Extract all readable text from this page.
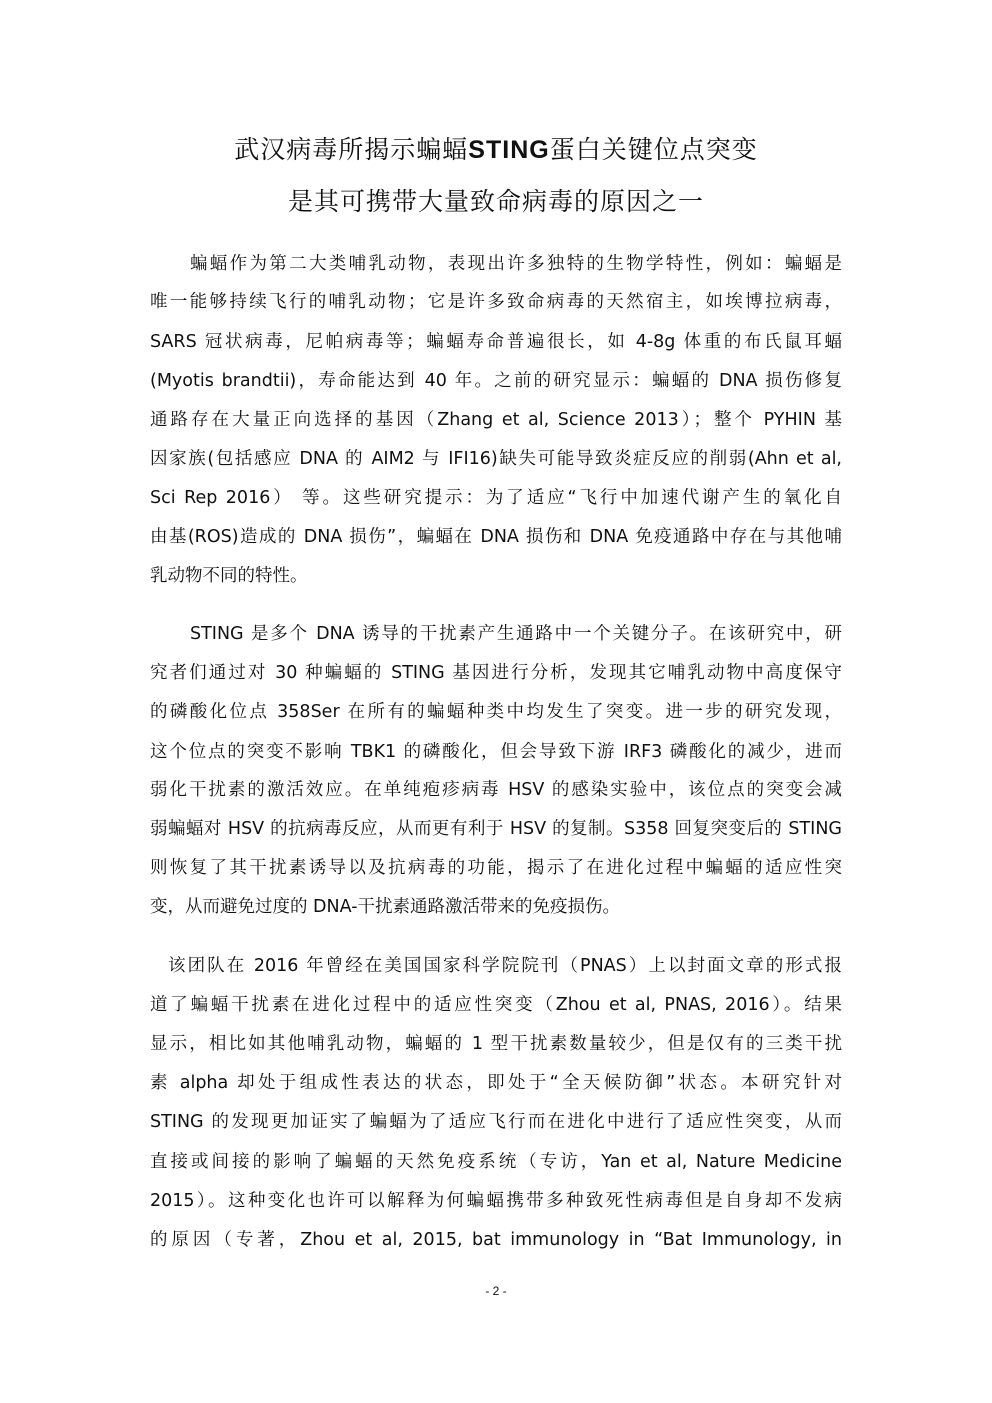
武汉病毒所揭示蝙蝠STING蛋白关键位点突变
是其可携带大量致命病毒的原因之一
蝙蝠作为第二大类哺乳动物，表现出许多独特的生物学特性，例如：蝙蝠是
唯一能够持续飞行的哺乳动物；它是许多致命病毒的天然宿主，如埃博拉病毒，
SARS 冠状病毒，尼帕病毒等；蝙蝠寿命普遍很长，如 4-8g 体重的布氏鼠耳蝠
(Myotis brandtii)，寿命能达到 40 年。之前的研究显示：蝙蝠的 DNA 损伤修复
通路存在大量正向选择的基因（Zhang et al, Science 2013）；整个 PYHIN 基
因家族(包括感应 DNA 的 AIM2 与 IFI16)缺失可能导致炎症反应的削弱(Ahn et al,
Sci Rep 2016） 等。这些研究提示：为了适应“飞行中加速代谢产生的氧化自
由基(ROS)造成的 DNA 损伤”，蝙蝠在 DNA 损伤和 DNA 免疫通路中存在与其他哺
乳动物不同的特性。
STING 是多个 DNA 诱导的干扰素产生通路中一个关键分子。在该研究中，研
究者们通过对 30 种蝙蝠的 STING 基因进行分析，发现其它哺乳动物中高度保守
的磷酸化位点 358Ser 在所有的蝙蝠种类中均发生了突变。进一步的研究发现，
这个位点的突变不影响 TBK1 的磷酸化，但会导致下游 IRF3 磷酸化的减少，进而
弱化干扰素的激活效应。在单纯疱疹病毒 HSV 的感染实验中，该位点的突变会减
弱蝙蝠对 HSV 的抗病毒反应，从而更有利于 HSV 的复制。S358 回复突变后的 STING
则恢复了其干扰素诱导以及抗病毒的功能，揭示了在进化过程中蝙蝠的适应性突
变，从而避免过度的 DNA-干扰素通路激活带来的免疫损伤。
该团队在 2016 年曾经在美国国家科学院院刊（PNAS）上以封面文章的形式报
道了蝙蝠干扰素在进化过程中的适应性突变（Zhou et al, PNAS, 2016）。结果
显示，相比如其他哺乳动物，蝙蝠的 1 型干扰素数量较少，但是仅有的三类干扰
素 alpha 却处于组成性表达的状态，即处于“全天候防御”状态。本研究针对
STING 的发现更加证实了蝙蝠为了适应飞行而在进化中进行了适应性突变，从而
直接或间接的影响了蝙蝠的天然免疫系统（专访，Yan et al, Nature Medicine
2015）。这种变化也许可以解释为何蝙蝠携带多种致死性病毒但是自身却不发病
的原因（专著，Zhou et al, 2015, bat immunology in “Bat Immunology, in
- 2 -
